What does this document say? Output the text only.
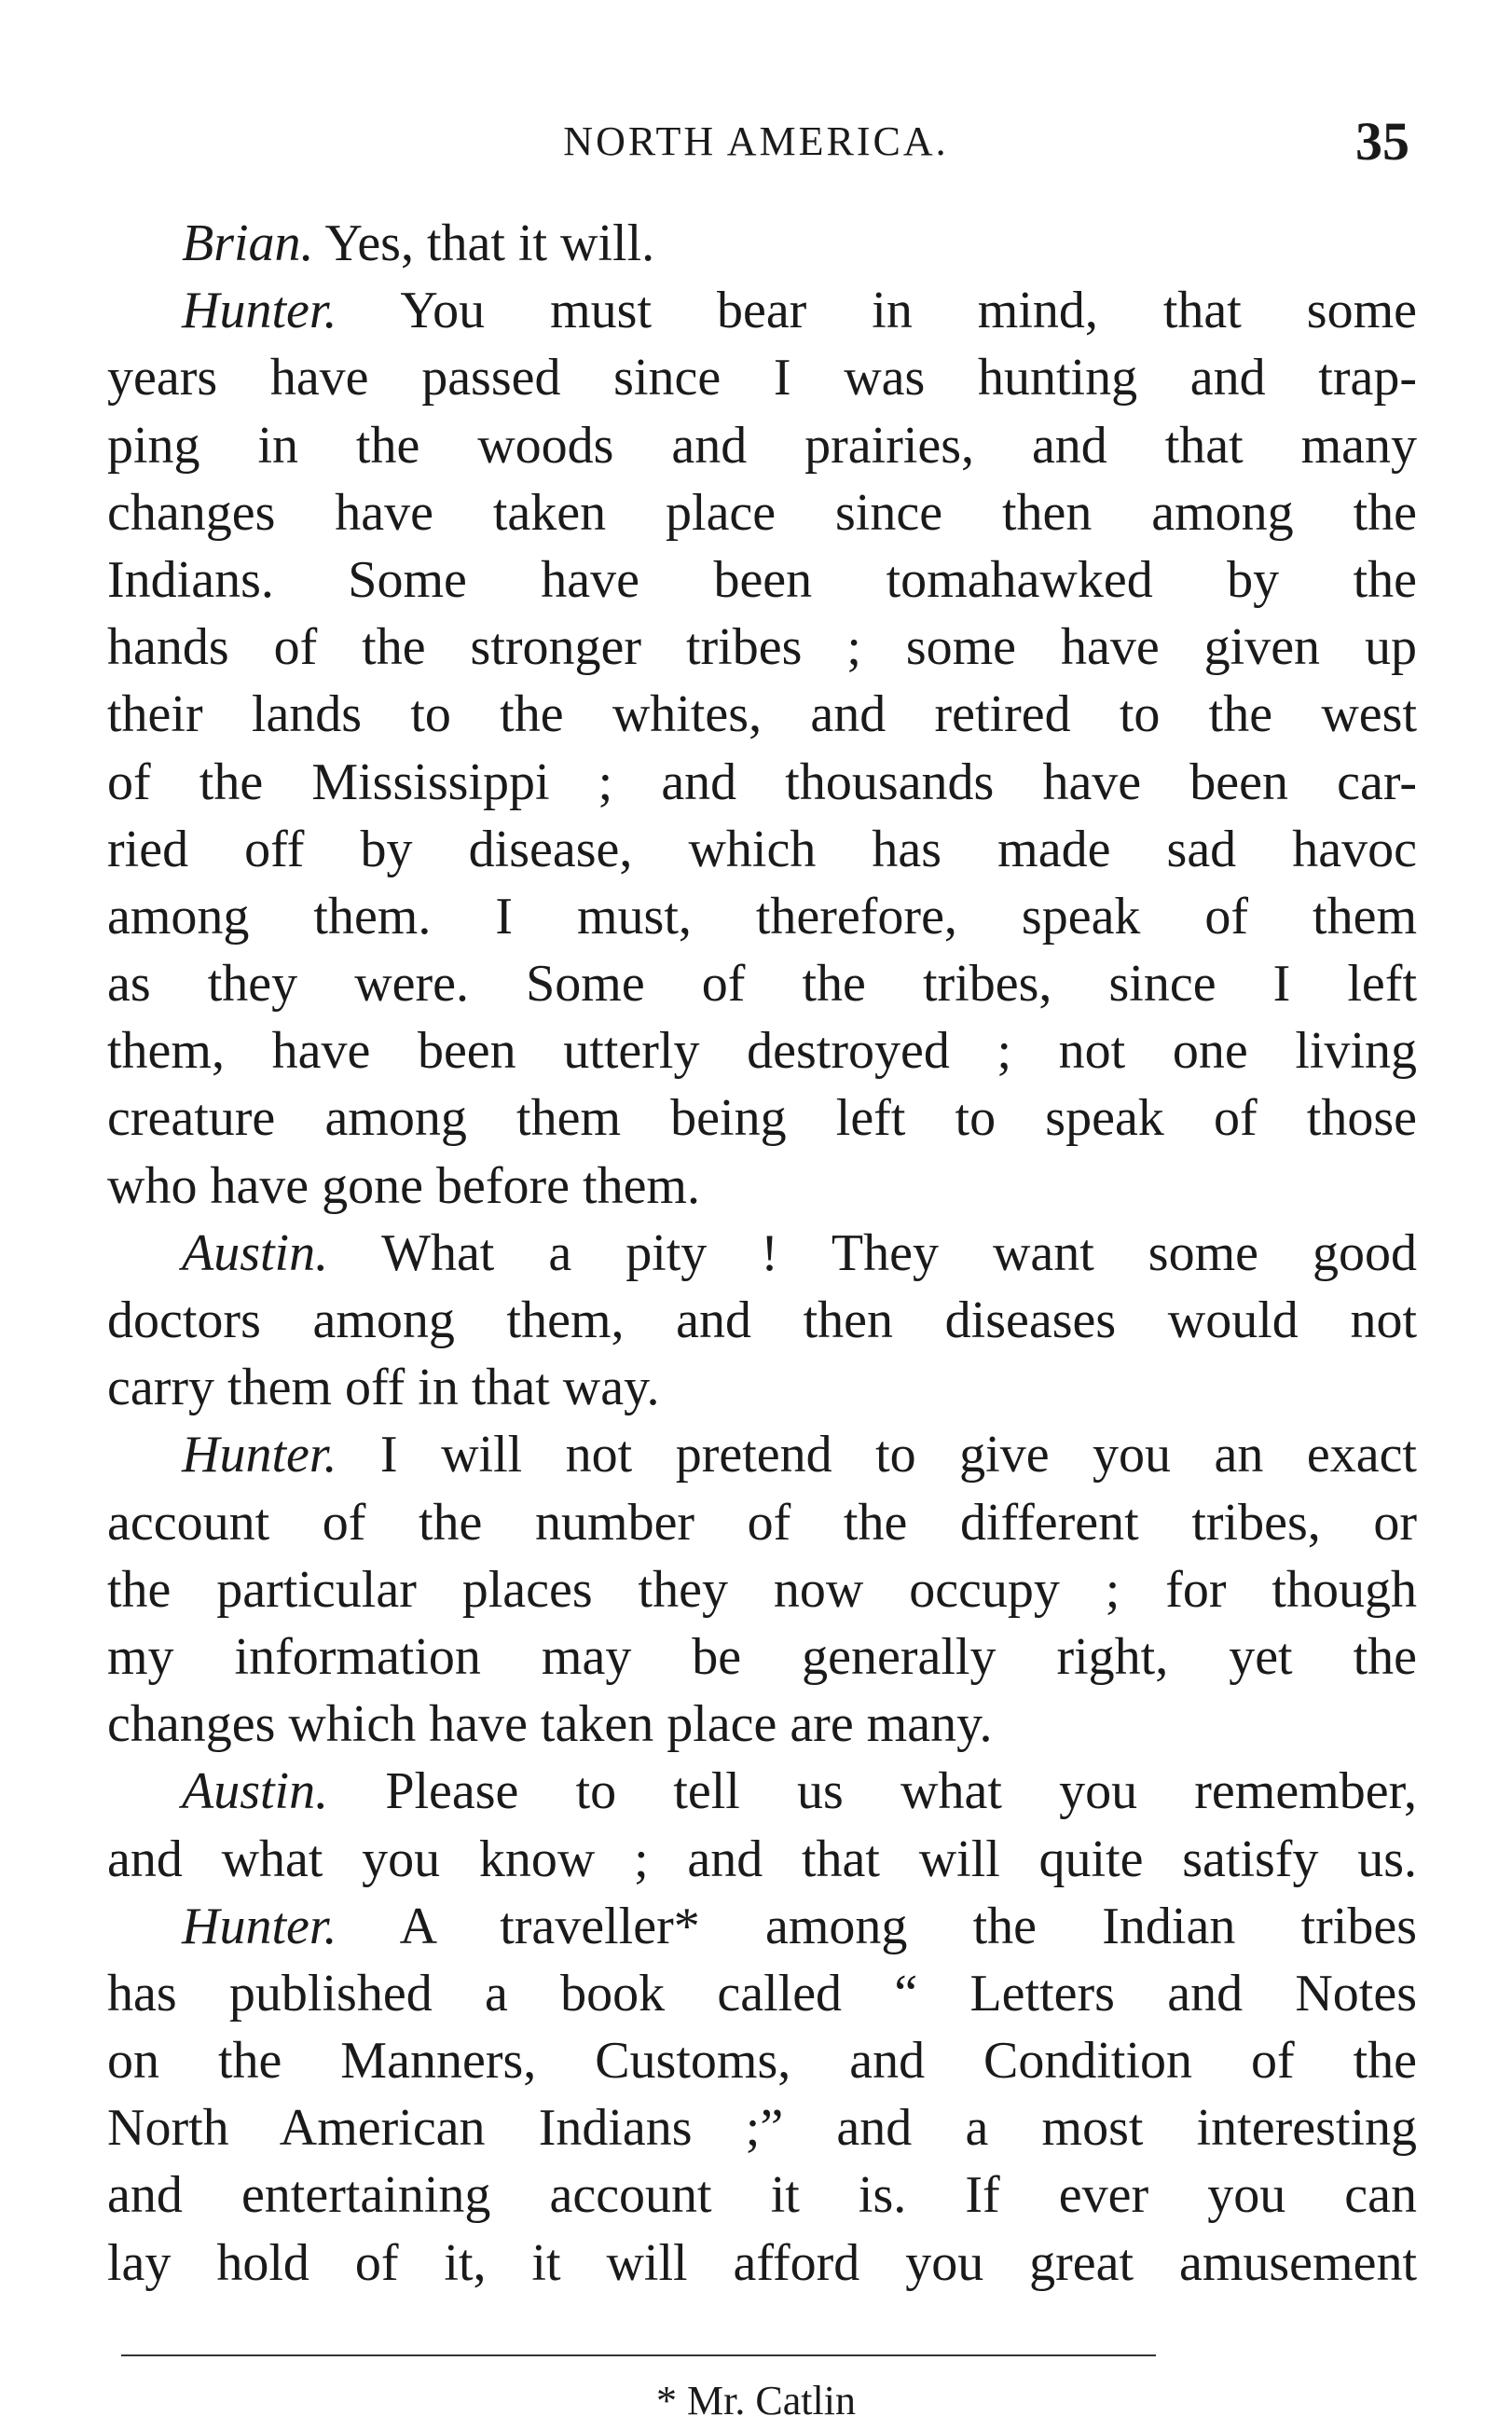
NORTH AMERICA.	35
Brian. Yes, that it will.
Hunter. You must bear in mind, that some
years have passed since I was hunting and trap-
ping in the woods and prairies, and that many
changes have taken place since then among the
Indians. Some have been tomahawked by the
hands of the stronger tribes ; some have given up
their lands to the whites, and retired to the west
of the Mississippi ; and thousands have been car-
ried off by disease, which has made sad havoc
among them. I must, therefore, speak of them
as they were. Some of the tribes, since I left
them, have been utterly destroyed ; not one living
creature among them being left to speak of those
who have gone before them.
Austin. What a pity ! They want some good
doctors among them, and then diseases would not
carry them off in that way.
Hunter. I will not pretend to give you an exact
account of the number of the different tribes, or
the particular places they now occupy ; for though
my information may be generally right, yet the
changes which have taken place are many.
Austin. Please to tell us what you remember,
and what you know ; and that will quite satisfy us.
Hunter. A traveller* among the Indian tribes
has published a book called “ Letters and Notes
on the Manners, Customs, and Condition of the
North American Indians ;” and a most interesting
and entertaining account it is. If ever you can
lay hold of it, it will afford you great amusement
* Mr. Catlin
